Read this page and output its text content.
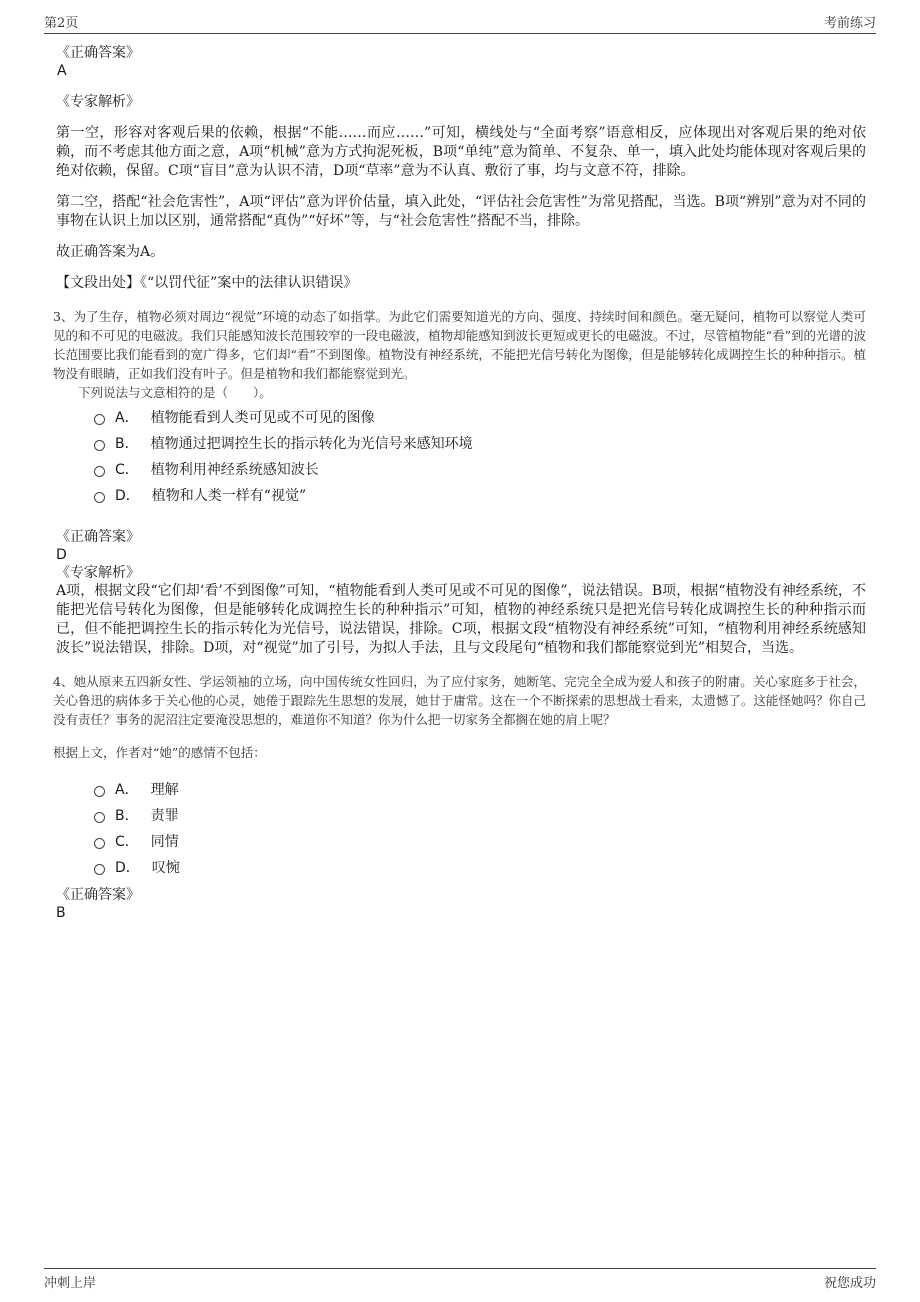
第2页	考前练习

《正确答案》

A

《专家解析》

第一空，形容对客观后果的依赖，根据“不能……而应……”可知，横线处与“全面考察”语意相反，应体现出对客观后果的绝对依赖，而不考虑其他方面之意，A项“机械”意为方式拘泥死板，B项“单纯”意为简单、不复杂、单一，填入此处均能体现对客观后果的绝对依赖，保留。C项“盲目”意为认识不清，D项“草率”意为不认真、敷衍了事，均与文意不符，排除。

第二空，搭配“社会危害性”，A项“评估”意为评价估量，填入此处，“评估社会危害性”为常见搭配，当选。B项“辨别”意为对不同的事物在认识上加以区别，通常搭配“真伪”“好坏”等，与“社会危害性”搭配不当，排除。

故正确答案为A。

【文段出处】《“以罚代征”案中的法律认识错误》

3、为了生存，植物必须对周边“视觉”环境的动态了如指掌。为此它们需要知道光的方向、强度、持续时间和颜色。毫无疑问，植物可以察觉人类可见的和不可见的电磁波。我们只能感知波长范围较窄的一段电磁波，植物却能感知到波长更短或更长的电磁波。不过，尽管植物能“看”到的光谱的波长范围要比我们能看到的宽广得多，它们却“看”不到图像。植物没有神经系统，不能把光信号转化为图像，但是能够转化成调控生长的种种指示。植物没有眼睛，正如我们没有叶子。但是植物和我们都能察觉到光。

下列说法与文意相符的是（　　）。

A． 植物能看到人类可见或不可见的图像
B． 植物通过把调控生长的指示转化为光信号来感知环境
C． 植物利用神经系统感知波长
D． 植物和人类一样有“视觉”

《正确答案》

D

《专家解析》

A项，根据文段“它们却‘看’不到图像”可知，“植物能看到人类可见或不可见的图像”，说法错误。B项，根据“植物没有神经系统，不能把光信号转化为图像，但是能够转化成调控生长的种种指示”可知，植物的神经系统只是把光信号转化成调控生长的种种指示而已，但不能把调控生长的指示转化为光信号，说法错误，排除。C项，根据文段“植物没有神经系统”可知，“植物利用神经系统感知波长”说法错误，排除。D项，对“视觉”加了引号，为拟人手法，且与文段尾句“植物和我们都能察觉到光”相契合，当选。

4、她从原来五四新女性、学运领袖的立场，向中国传统女性回归，为了应付家务，她断笔、完完全全成为爱人和孩子的附庸。关心家庭多于社会，关心鲁迅的病体多于关心他的心灵，她倦于跟踪先生思想的发展，她甘于庸常。这在一个不断探索的思想战士看来，太遗憾了。这能怪她吗？你自己没有责任？事务的泥沼注定要淹没思想的，难道你不知道？你为什么把一切家务全都搁在她的肩上呢？

根据上文，作者对“她”的感情不包括：

A． 理解
B． 责罪
C． 同情
D． 叹惋

《正确答案》

B

冲刺上岸	祝您成功
